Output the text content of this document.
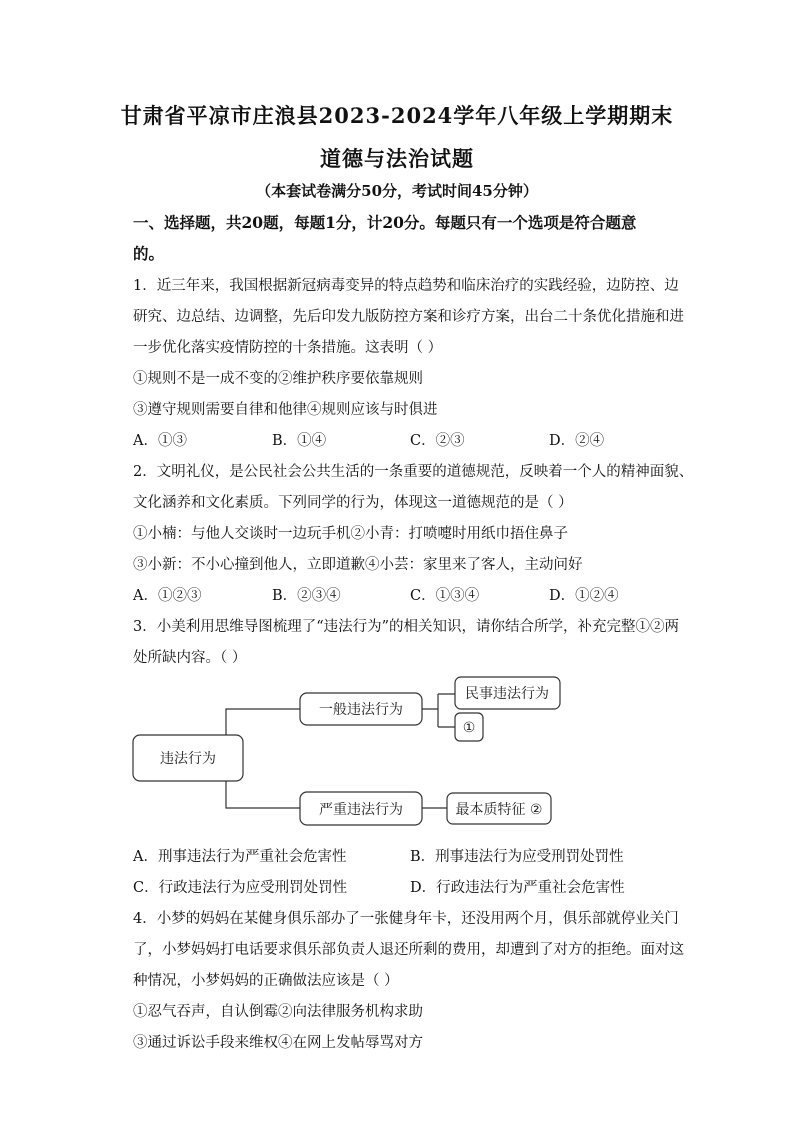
甘肃省平凉市庄浪县2023-2024学年八年级上学期期末
道德与法治试题
（本套试卷满分50分，考试时间45分钟）
一、选择题，共20题，每题1分，计20分。每题只有一个选项是符合题意
的。
1．近三年来，我国根据新冠病毒变异的特点趋势和临床治疗的实践经验，边防控、边
研究、边总结、边调整，先后印发九版防控方案和诊疗方案，出台二十条优化措施和进
一步优化落实疫情防控的十条措施。这表明（ ）
①规则不是一成不变的②维护秩序要依靠规则
③遵守规则需要自律和他律④规则应该与时俱进
A．①③	B．①④	C．②③	D．②④
2．文明礼仪，是公民社会公共生活的一条重要的道德规范，反映着一个人的精神面貌、
文化涵养和文化素质。下列同学的行为，体现这一道德规范的是（ ）
①小楠：与他人交谈时一边玩手机②小青：打喷嚏时用纸巾捂住鼻子
③小新：不小心撞到他人，立即道歉④小芸：家里来了客人，主动问好
A．①②③	B．②③④	C．①③④	D．①②④
3．小美利用思维导图梳理了“违法行为”的相关知识，请你结合所学，补充完整①②两
处所缺内容。（ ）
违法行为
一般违法行为
民事违法行为
①
严重违法行为	最本质特征 ②
A．刑事违法行为严重社会危害性	B．刑事违法行为应受刑罚处罚性
C．行政违法行为应受刑罚处罚性	D．行政违法行为严重社会危害性
4．小梦的妈妈在某健身俱乐部办了一张健身年卡，还没用两个月，俱乐部就停业关门
了，小梦妈妈打电话要求俱乐部负责人退还所剩的费用，却遭到了对方的拒绝。面对这
种情况，小梦妈妈的正确做法应该是（ ）
①忍气吞声，自认倒霉②向法律服务机构求助
③通过诉讼手段来维权④在网上发帖辱骂对方
